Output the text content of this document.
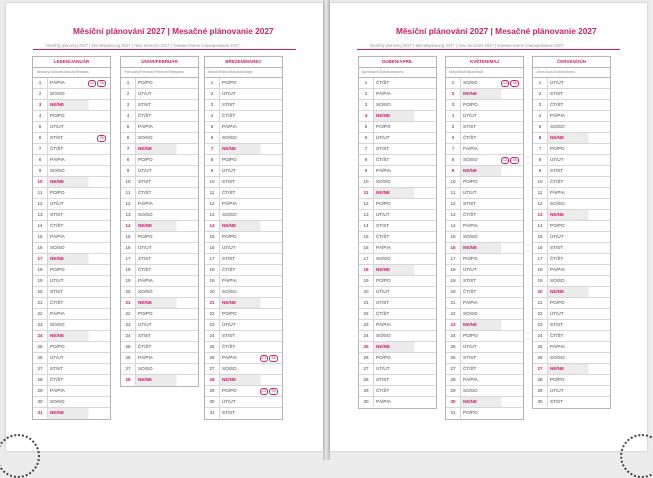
Měsíční plánování 2027 | Mesačné plánovanie 2027
Monthly planning 2027 | Monatsplanung 2027 | Havi tervezés 2027 | Ежемесячное планирование 2027
LEDEN/JANUÁR
January/Januar/Január/Январь
1	PÁ/PIA	CZ SK
2	SO/SO
3	NE/NE
4	PO/PO
5	ÚT/UT
6	ST/ST	SK
7	ČT/ŠT
8	PÁ/PIA
9	SO/SO
10	NE/NE
11	PO/PO
12	ÚT/UT
13	ST/ST
14	ČT/ŠT
15	PÁ/PIA
16	SO/SO
17	NE/NE
18	PO/PO
19	ÚT/UT
20	ST/ST
21	ČT/ŠT
22	PÁ/PIA
23	SO/SO
24	NE/NE
25	PO/PO
26	ÚT/UT
27	ST/ST
28	ČT/ŠT
29	PÁ/PIA
30	SO/SO
31	NE/NE
ÚNOR/FEBRUÁR
February/Februar/Február/Февраль
1	PO/PO
2	ÚT/UT
3	ST/ST
4	ČT/ŠT
5	PÁ/PIA
6	SO/SO
7	NE/NE
8	PO/PO
9	ÚT/UT
10	ST/ST
11	ČT/ŠT
12	PÁ/PIA
13	SO/SO
14	NE/NE
15	PO/PO
16	ÚT/UT
17	ST/ST
18	ČT/ŠT
19	PÁ/PIA
20	SO/SO
21	NE/NE
22	PO/PO
23	ÚT/UT
24	ST/ST
25	ČT/ŠT
26	PÁ/PIA
27	SO/SO
28	NE/NE
BŘEZEN/MAREC
March/März/Március/Март
1	PO/PO
2	ÚT/UT
3	ST/ST
4	ČT/ŠT
5	PÁ/PIA
6	SO/SO
7	NE/NE
8	PO/PO
9	ÚT/UT
10	ST/ST
11	ČT/ŠT
12	PÁ/PIA
13	SO/SO
14	NE/NE
15	PO/PO
16	ÚT/UT
17	ST/ST
18	ČT/ŠT
19	PÁ/PIA
20	SO/SO
21	NE/NE
22	PO/PO
23	ÚT/UT
24	ST/ST
25	ČT/ŠT
26	PÁ/PIA	CZ SK
27	SO/SO
28	NE/NE
29	PO/PO	CZ SK
30	ÚT/UT
31	ST/ST
Měsíční plánování 2027 | Mesačné plánovanie 2027
Monthly planning 2027 | Monatsplanung 2027 | Havi tervezés 2027 | Ежемесячное планирование 2027
DUBEN/APRÍL
April/April/Április/Апрель
1	ČT/ŠT
2	PÁ/PIA
3	SO/SO
4	NE/NE
5	PO/PO
6	ÚT/UT
7	ST/ST
8	ČT/ŠT
9	PÁ/PIA
10	SO/SO
11	NE/NE
12	PO/PO
13	ÚT/UT
14	ST/ST
15	ČT/ŠT
16	PÁ/PIA
17	SO/SO
18	NE/NE
19	PO/PO
20	ÚT/UT
21	ST/ST
22	ČT/ŠT
23	PÁ/PIA
24	SO/SO
25	NE/NE
26	PO/PO
27	ÚT/UT
28	ST/ST
29	ČT/ŠT
30	PÁ/PIA
KVĚTEN/MÁJ
May/Mai/Május/Май
1	SO/SO	CZ SK
2	NE/NE
3	PO/PO
4	ÚT/UT
5	ST/ST
6	ČT/ŠT
7	PÁ/PIA
8	SO/SO	CZ SK
9	NE/NE
10	PO/PO
11	ÚT/UT
12	ST/ST
13	ČT/ŠT
14	PÁ/PIA
15	SO/SO
16	NE/NE
17	PO/PO
18	ÚT/UT
19	ST/ST
20	ČT/ŠT
21	PÁ/PIA
22	SO/SO
23	NE/NE
24	PO/PO
25	ÚT/UT
26	ST/ST
27	ČT/ŠT
28	PÁ/PIA
29	SO/SO
30	NE/NE
31	PO/PO
ČERVEN/JÚN
June/Juni/Június/Июнь
1	ÚT/UT
2	ST/ST
3	ČT/ŠT
4	PÁ/PIA
5	SO/SO
6	NE/NE
7	PO/PO
8	ÚT/UT
9	ST/ST
10	ČT/ŠT
11	PÁ/PIA
12	SO/SO
13	NE/NE
14	PO/PO
15	ÚT/UT
16	ST/ST
17	ČT/ŠT
18	PÁ/PIA
19	SO/SO
20	NE/NE
21	PO/PO
22	ÚT/UT
23	ST/ST
24	ČT/ŠT
25	PÁ/PIA
26	SO/SO
27	NE/NE
28	PO/PO
29	ÚT/UT
30	ST/ST
